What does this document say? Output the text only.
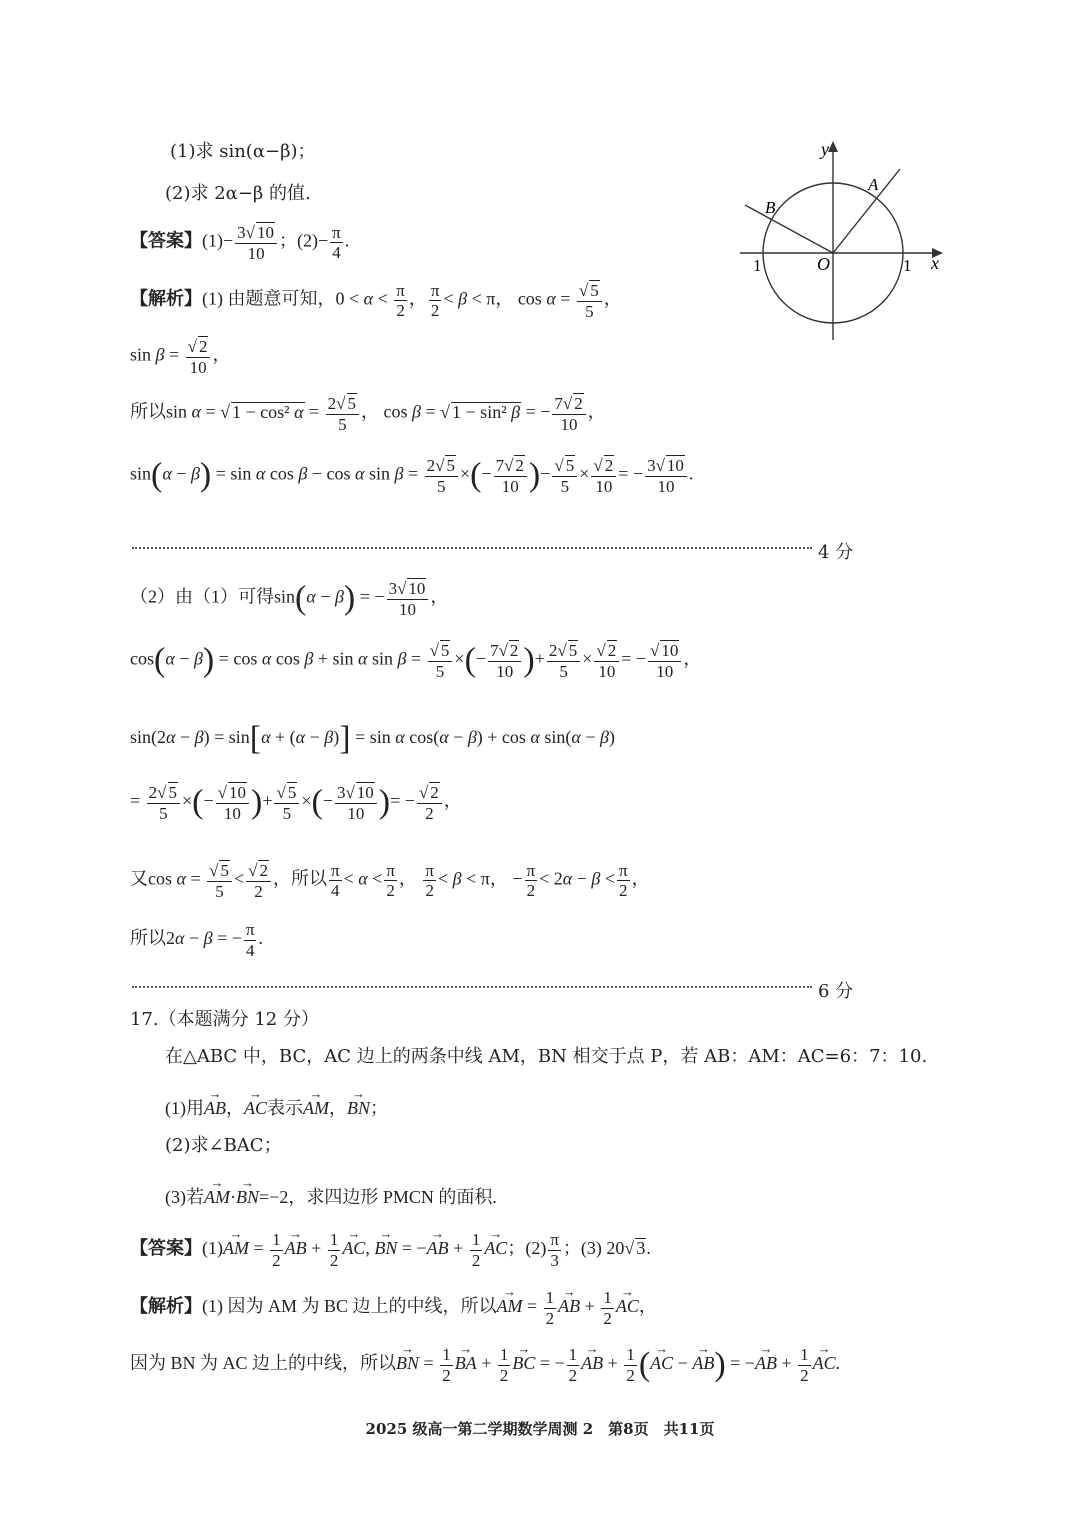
x
y
O
A
B
1	1
(1)求 sin(α−β)；
(2)求 2α−β 的值.
【答案】$(1)- \frac{3 √ 10}{10}$ ；$(2)- \frac{\pi}{4}$ .
【解析】(1) 由题意可知，$0 < \alpha < \frac{\pi}{2}$ ， $\frac{\pi}{2} < \beta < \pi$， cos α = √ $\frac{5}{5}$ ，
sin β = √ $\frac{2}{10}$ ，
所以sin α = √ 1 − cos² $\alpha = \frac{2 √ 5}{5}$ ， cos β = √ 1 − sin² β = − $\frac{7 √ 2}{10}$ ，
sin(α − β) = sin α cos β − cos α $\sin \beta = \frac{2 √ 5}{5}$ ×(− $\frac{7 √ 2}{10}$ )− √ $\frac{5}{5}$ × √ $\frac{2}{10}$ = − $\frac{3 √ 10}{10}$ .
4 分
（2）由（1）可得sin(α − β) = − $\frac{3 √ 10}{10}$ ，
cos(α − β) = cos α cos β + sin α sin β = √ $\frac{5}{5}$ ×(− $\frac{7 √ 2}{10}$ )+ $\frac{2 √ 5}{5}$ × √ $\frac{2}{10}$ = − √ $\frac{10}{10}$ ，
sin(2α − β) = sin[α + (α − β)] = sin α cos(α − β) + cos α sin(α − β)
= $\frac{2 √ 5}{5}$ ×(− √ $\frac{10}{10}$ )+ √ $\frac{5}{5}$ ×(− $\frac{3 √ 10}{10}$ )= − √ $\frac{2}{2}$ ，
又cos α = √ $\frac{5}{5}$ < √ $\frac{2}{2}$ ，所以 $\frac{\pi}{4} < \alpha < \frac{\pi}{2}$ ， $\frac{\pi}{2} < \beta < \pi$， − $\frac{\pi}{2} < 2\alpha - \beta < \frac{\pi}{2}$ ，
所以2α − β = − $\frac{\pi}{4}$ .
6 分
17.（本题满分 12 分）
在△ABC 中，BC，AC 边上的两条中线 AM，BN 相交于点 P，若 AB：AM：AC=6：7：10.
(1)用→ AB，→ AC表示→ AM，→ BN；
(2)求∠BAC；
(3)若→ AM·→ BN=−2，求四边形 PMCN 的面积.
【答案】(1)→ AM = $\frac{1}{2}$ → AB + $\frac{1}{2}$ → AC, → BN = −→ AB + $\frac{1}{2}$ → AC；$(2) \frac{\pi}{3}$ ；(3) 20 √ 3.
【解析】(1) 因为 AM 为 BC 边上的中线，所以→ AM = $\frac{1}{2}$ → AB + $\frac{1}{2}$ → AC，
因为 BN 为 AC 边上的中线，所以→ BN = $\frac{1}{2}$ → BA + $\frac{1}{2}$ → BC = − $\frac{1}{2}$ → AB + $\frac{1}{2}$ (→ AC − → AB) = −→ AB + $\frac{1}{2}$ → AC.
2025 级高一第二学期数学周测 2　第8页　共11页
